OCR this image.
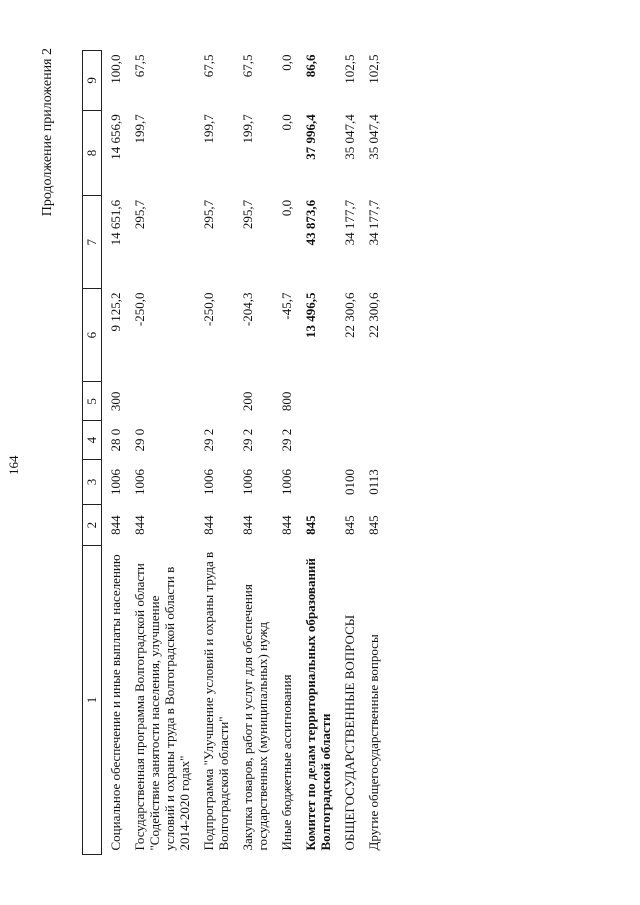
164
Продолжение приложения 2
1	2	3	4	5	6	7	8	9
Социальное обеспечение и иные выплаты населению	844	1006	28 0	300	9 125,2	14 651,6	14 656,9	100,0
Государственная программа Волгоградской области "Содействие занятости населения, улучшение условий и охраны труда в Волгоградской области в 2014-2020 годах"	844	1006	29 0		-250,0	295,7	199,7	67,5
Подпрограмма "Улучшение условий и охраны труда в Волгоградской области"	844	1006	29 2		-250,0	295,7	199,7	67,5
Закупка товаров, работ и услуг для обеспечения государственных (муниципальных) нужд	844	1006	29 2	200	-204,3	295,7	199,7	67,5
Иные бюджетные ассигнования	844	1006	29 2	800	-45,7	0,0	0,0	0,0
Комитет по делам территориальных образований Волгоградской области	845				13 496,5	43 873,6	37 996,4	86,6
ОБЩЕГОСУДАРСТВЕННЫЕ ВОПРОСЫ	845	0100			22 300,6	34 177,7	35 047,4	102,5
Другие общегосударственные вопросы	845	0113			22 300,6	34 177,7	35 047,4	102,5
